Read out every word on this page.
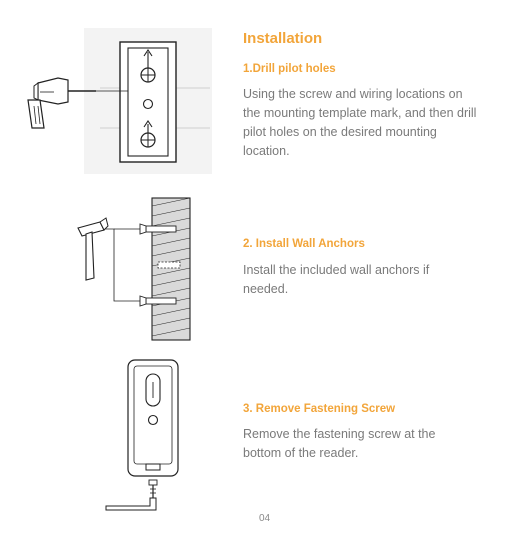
Installation
1.Drill pilot holes

Using the screw and wiring locations on the mounting template mark, and then drill pilot holes on the desired mounting location.

2. Install Wall Anchors

Install the included wall anchors if needed.

3. Remove Fastening Screw

Remove the fastening screw at the bottom of the reader.

04
